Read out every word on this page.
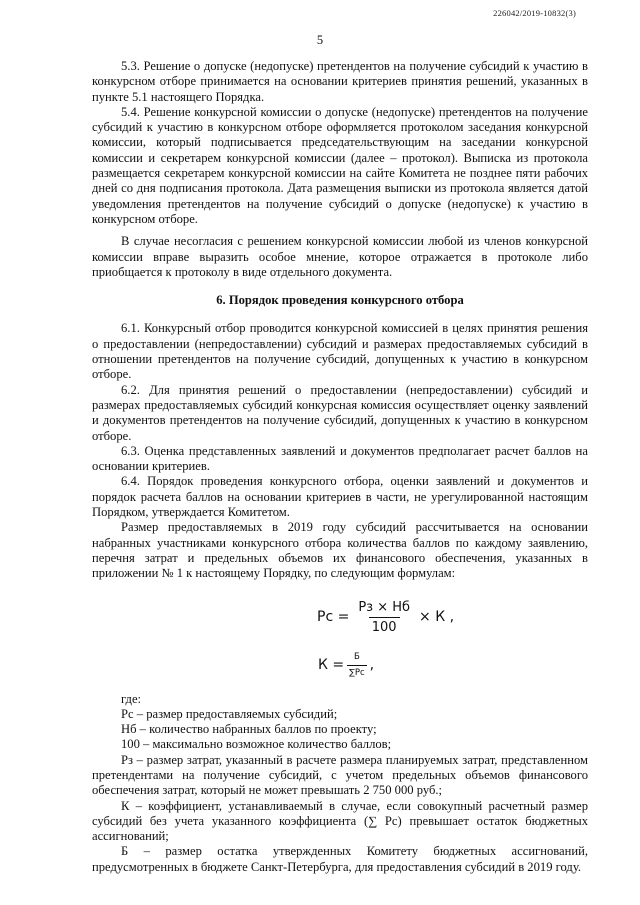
226042/2019-10832(3)
5

5.3. Решение о допуске (недопуске) претендентов на получение субсидий к участию в конкурсном отборе принимается на основании критериев принятия решений, указанных в пункте 5.1 настоящего Порядка.

5.4. Решение конкурсной комиссии о допуске (недопуске) претендентов на получение субсидий к участию в конкурсном отборе оформляется протоколом заседания конкурсной комиссии, который подписывается председательствующим на заседании конкурсной комиссии и секретарем конкурсной комиссии (далее – протокол). Выписка из протокола размещается секретарем конкурсной комиссии на сайте Комитета не позднее пяти рабочих дней со дня подписания протокола. Дата размещения выписки из протокола является датой уведомления претендентов на получение субсидий о допуске (недопуске) к участию в конкурсном отборе.

В случае несогласия с решением конкурсной комиссии любой из членов конкурсной комиссии вправе выразить особое мнение, которое отражается в протоколе либо приобщается к протоколу в виде отдельного документа.

6. Порядок проведения конкурсного отбора

6.1. Конкурсный отбор проводится конкурсной комиссией в целях принятия решения о предоставлении (непредоставлении) субсидий и размерах предоставляемых субсидий в отношении претендентов на получение субсидий, допущенных к участию в конкурсном отборе.

6.2. Для принятия решений о предоставлении (непредоставлении) субсидий и размерах предоставляемых субсидий конкурсная комиссия осуществляет оценку заявлений и документов претендентов на получение субсидий, допущенных к участию в конкурсном отборе.

6.3. Оценка представленных заявлений и документов предполагает расчет баллов на основании критериев.

6.4. Порядок проведения конкурсного отбора, оценки заявлений и документов и порядок расчета баллов на основании критериев в части, не урегулированной настоящим Порядком, утверждается Комитетом.

Размер предоставляемых в 2019 году субсидий рассчитывается на основании набранных участниками конкурсного отбора количества баллов по каждому заявлению, перечня затрат и предельных объемов их финансового обеспечения, указанных в приложении № 1 к настоящему Порядку, по следующим формулам:

Рс = $\frac{Рз \times Нб}{100} \times К$ ,
$К = \frac{Б}{\sum Рс}$ ,

где:

Рс – размер предоставляемых субсидий;

Нб – количество набранных баллов по проекту;

100 – максимально возможное количество баллов;

Рз – размер затрат, указанный в расчете размера планируемых затрат, представленном претендентами на получение субсидий, с учетом предельных объемов финансового обеспечения затрат, который не может превышать 2 750 000 руб.;

К – коэффициент, устанавливаемый в случае, если совокупный расчетный размер субсидий без учета указанного коэффициента (∑ Рс) превышает остаток бюджетных ассигнований;

Б – размер остатка утвержденных Комитету бюджетных ассигнований, предусмотренных в бюджете Санкт-Петербурга, для предоставления субсидий в 2019 году.
